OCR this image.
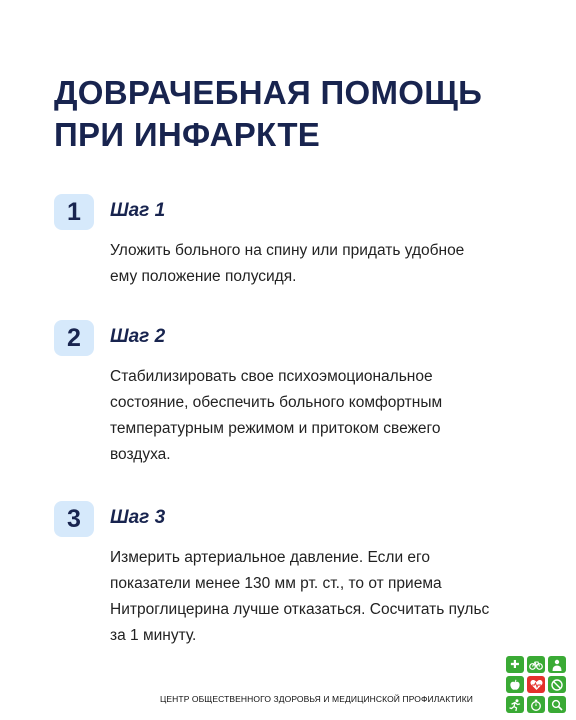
ДОВРАЧЕБНАЯ ПОМОЩЬ
ПРИ ИНФАРКТЕ
1	Шаг 1
Уложить больного на спину или придать удобное
ему положение полусидя.
2	Шаг 2
Стабилизировать свое психоэмоциональное
состояние, обеспечить больного комфортным
температурным режимом и притоком свежего
воздуха.
3	Шаг 3
Измерить артериальное давление. Если его
показатели менее 130 мм рт. ст., то от приема
Нитроглицерина лучше отказаться. Сосчитать пульс
за 1 минуту.
ЦЕНТР ОБЩЕСТВЕННОГО ЗДОРОВЬЯ И МЕДИЦИНСКОЙ ПРОФИЛАКТИКИ
✚
